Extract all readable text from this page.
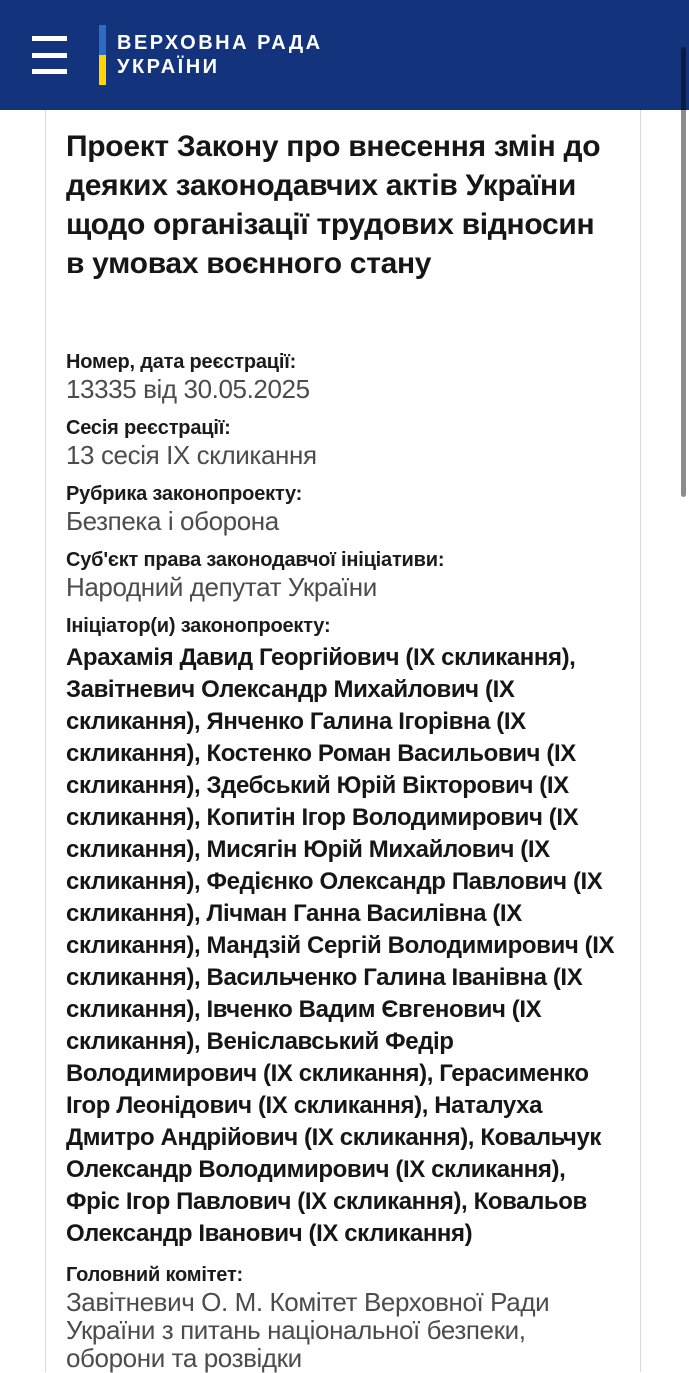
ВЕРХОВНА РАДА
УКРАЇНИ
Проект Закону про внесення змін до деяких законодавчих актів України щодо організації трудових відносин в умовах воєнного стану
Номер, дата реєстрації:

13335 від 30.05.2025

Сесія реєстрації:

13 сесія IX скликання

Рубрика законопроекту:

Безпека і оборона

Суб'єкт права законодавчої ініціативи:

Народний депутат України

Ініціатор(и) законопроекту:

Арахамія Давид Георгійович (IX скликання), Завітневич Олександр Михайлович (IX скликання), Янченко Галина Ігорівна (IX скликання), Костенко Роман Васильович (IX скликання), Здебський Юрій Вікторович (IX скликання), Копитін Ігор Володимирович (IX скликання), Мисягін Юрій Михайлович (IX скликання), Федієнко Олександр Павлович (IX скликання), Лічман Ганна Василівна (IX скликання), Мандзій Сергій Володимирович (IX скликання), Васильченко Галина Іванівна (IX скликання), Івченко Вадим Євгенович (IX скликання), Веніславський Федір Володимирович (IX скликання), Герасименко Ігор Леонідович (IX скликання), Наталуха Дмитро Андрійович (IX скликання), Ковальчук Олександр Володимирович (IX скликання), Фріс Ігор Павлович (IX скликання), Ковальов Олександр Іванович (IX скликання)

Головний комітет:

Завітневич О. М. Комітет Верховної Ради України з питань національної безпеки, оборони та розвідки
